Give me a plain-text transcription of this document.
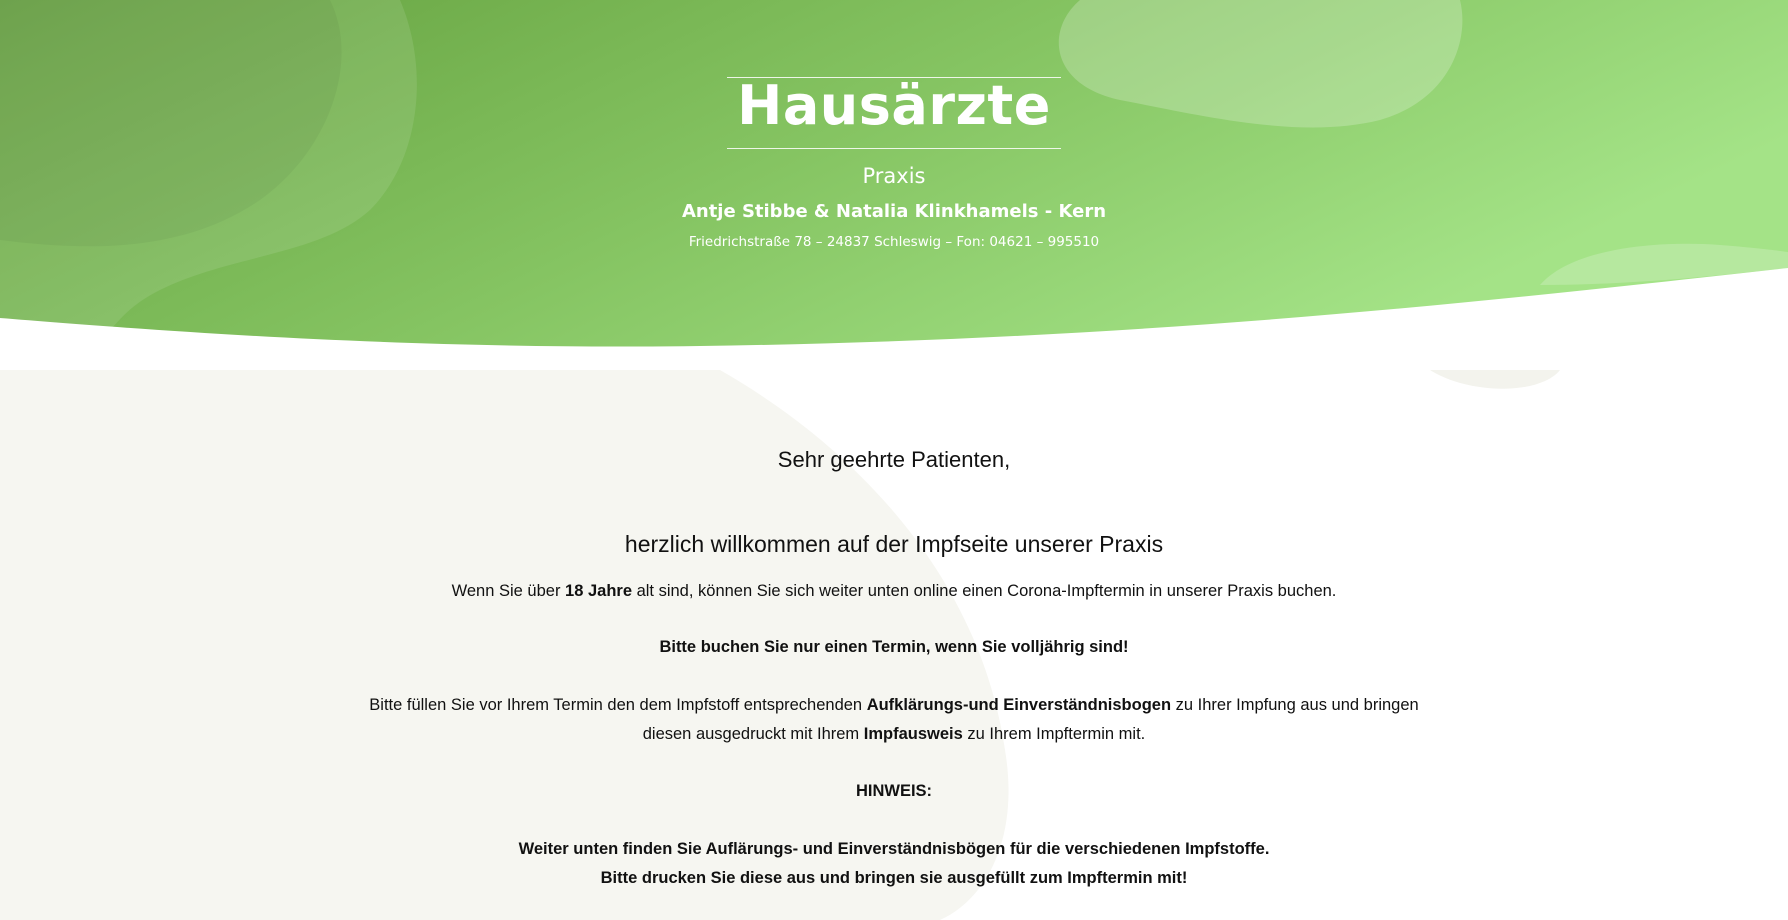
Hausärzte
Praxis
Antje Stibbe & Natalia Klinkhamels - Kern
Friedrichstraße 78 – 24837 Schleswig – Fon: 04621 – 995510
Sehr geehrte Patienten,
herzlich willkommen auf der Impfseite unserer Praxis
Wenn Sie über 18 Jahre alt sind, können Sie sich weiter unten online einen Corona-Impftermin in unserer Praxis buchen.
Bitte buchen Sie nur einen Termin, wenn Sie volljährig sind!
Bitte füllen Sie vor Ihrem Termin den dem Impfstoff entsprechenden Aufklärungs-und Einverständnisbogen zu Ihrer Impfung aus und bringen
diesen ausgedruckt mit Ihrem Impfausweis zu Ihrem Impftermin mit.
HINWEIS:
Weiter unten finden Sie Auflärungs- und Einverständnisbögen für die verschiedenen Impfstoffe.
Bitte drucken Sie diese aus und bringen sie ausgefüllt zum Impftermin mit!
